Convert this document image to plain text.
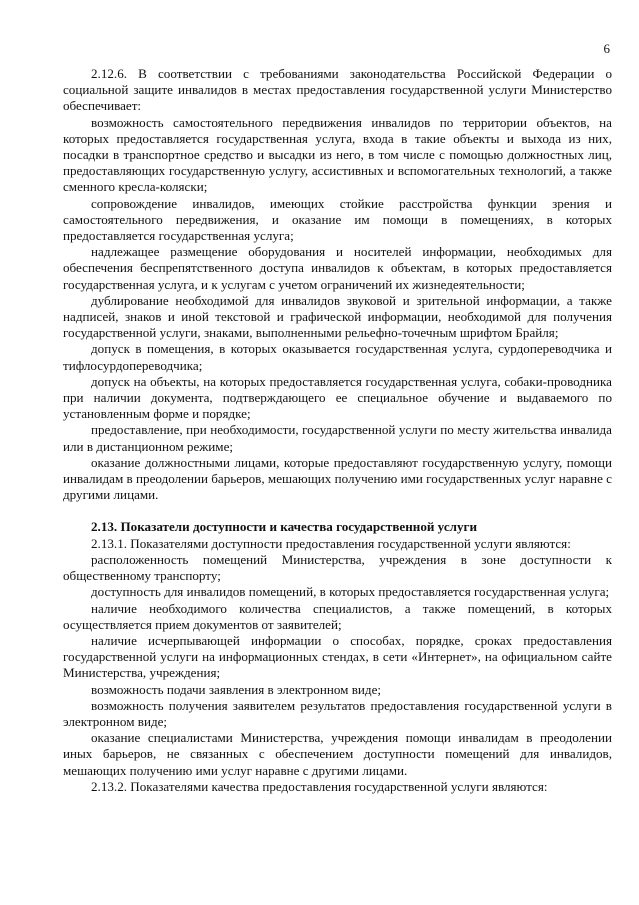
6

2.12.6. В соответствии с требованиями законодательства Российской Федерации о социальной защите инвалидов в местах предоставления государственной услуги Министерство обеспечивает:

возможность самостоятельного передвижения инвалидов по территории объектов, на которых предоставляется государственная услуга, входа в такие объекты и выхода из них, посадки в транспортное средство и высадки из него, в том числе с помощью должностных лиц, предоставляющих государственную услугу, ассистивных и вспомогательных технологий, а также сменного кресла-коляски;

сопровождение инвалидов, имеющих стойкие расстройства функции зрения и самостоятельного передвижения, и оказание им помощи в помещениях, в которых предоставляется государственная услуга;

надлежащее размещение оборудования и носителей информации, необходимых для обеспечения беспрепятственного доступа инвалидов к объектам, в которых предоставляется государственная услуга, и к услугам с учетом ограничений их жизнедеятельности;

дублирование необходимой для инвалидов звуковой и зрительной информации, а также надписей, знаков и иной текстовой и графической информации, необходимой для получения государственной услуги, знаками, выполненными рельефно-точечным шрифтом Брайля;

допуск в помещения, в которых оказывается государственная услуга, сурдопереводчика и тифлосурдопереводчика;

допуск на объекты, на которых предоставляется государственная услуга, собаки-проводника при наличии документа, подтверждающего ее специальное обучение и выдаваемого по установленным форме и порядке;

предоставление, при необходимости, государственной услуги по месту жительства инвалида или в дистанционном режиме;

оказание должностными лицами, которые предоставляют государственную услугу, помощи инвалидам в преодолении барьеров, мешающих получению ими государственных услуг наравне с другими лицами.

2.13. Показатели доступности и качества государственной услуги

2.13.1. Показателями доступности предоставления государственной услуги являются:

расположенность помещений Министерства, учреждения в зоне доступности к общественному транспорту;

доступность для инвалидов помещений, в которых предоставляется государственная услуга;

наличие необходимого количества специалистов, а также помещений, в которых осуществляется прием документов от заявителей;

наличие исчерпывающей информации о способах, порядке, сроках предоставления государственной услуги на информационных стендах, в сети «Интернет», на официальном сайте Министерства, учреждения;

возможность подачи заявления в электронном виде;

возможность получения заявителем результатов предоставления государственной услуги в электронном виде;

оказание специалистами Министерства, учреждения помощи инвалидам в преодолении иных барьеров, не связанных с обеспечением доступности помещений для инвалидов, мешающих получению ими услуг наравне с другими лицами.

2.13.2. Показателями качества предоставления государственной услуги являются:
